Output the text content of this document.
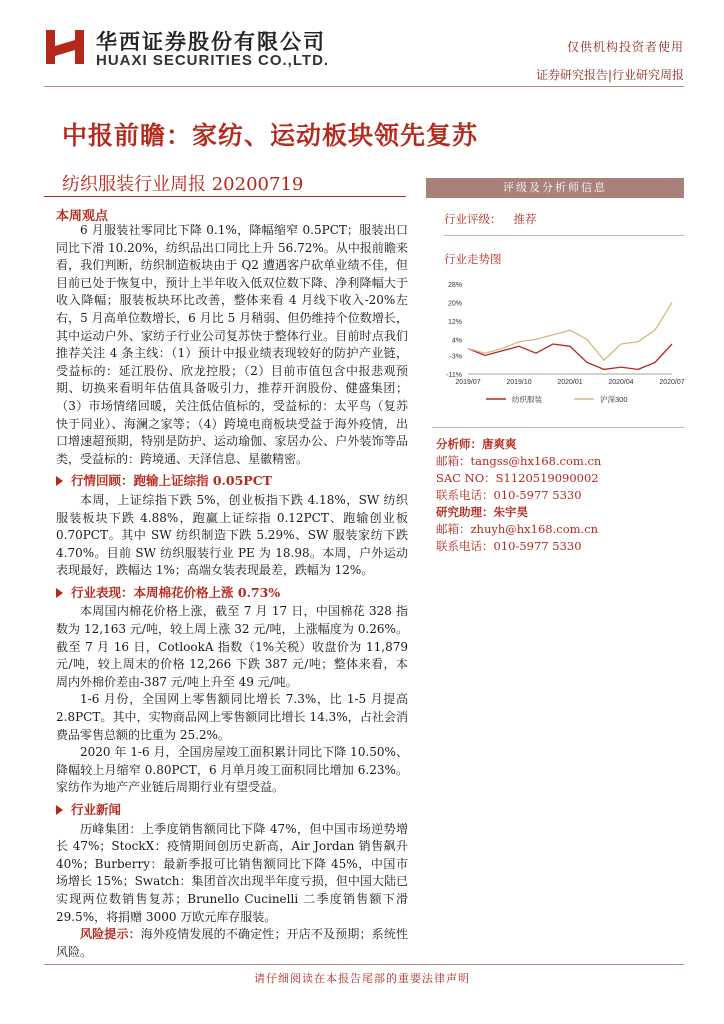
华西证券股份有限公司
HUAXI SECURITIES CO.,LTD.
仅供机构投资者使用
证券研究报告|行业研究周报
中报前瞻：家纺、运动板块领先复苏
纺织服装行业周报 20200719
本周观点

6 月服装社零同比下降 0.1%，降幅缩窄 0.5PCT；服装出口同比下滑 10.20%，纺织品出口同比上升 56.72%。从中报前瞻来看，我们判断，纺织制造板块由于 Q2 遭遇客户砍单业绩不佳，但目前已处于恢复中，预计上半年收入低双位数下降、净利降幅大于收入降幅；服装板块环比改善，整体来看 4 月线下收入-20%左右，5 月高单位数增长，6 月比 5 月稍弱、但仍维持个位数增长，其中运动户外、家纺子行业公司复苏快于整体行业。目前时点我们推荐关注 4 条主线：（1）预计中报业绩表现较好的防护产业链，受益标的：延江股份、欣龙控股；（2）目前市值包含中报悲观预期、切换来看明年估值具备吸引力，推荐开润股份、健盛集团；（3）市场情绪回暖，关注低估值标的，受益标的：太平鸟（复苏快于同业）、海澜之家等；（4）跨境电商板块受益于海外疫情，出口增速超预期，特别是防护、运动瑜伽、家居办公、户外装饰等品类，受益标的：跨境通、天泽信息、星徽精密。

行情回顾：跑输上证综指 0.05PCT

本周，上证综指下跌 5%，创业板指下跌 4.18%，SW 纺织服装板块下跌 4.88%，跑赢上证综指 0.12PCT、跑输创业板 0.70PCT。其中 SW 纺织制造下跌 5.29%、SW 服装家纺下跌 4.70%。目前 SW 纺织服装行业 PE 为 18.98。本周，户外运动表现最好，跌幅达 1%；高端女装表现最差，跌幅为 12%。

行业表现：本周棉花价格上涨 0.73%

本周国内棉花价格上涨，截至 7 月 17 日，中国棉花 328 指数为 12,163 元/吨，较上周上涨 32 元/吨，上涨幅度为 0.26%。截至 7 月 16 日，CotlookA 指数（1%关税）收盘价为 11,879 元/吨，较上周末的价格 12,266 下跌 387 元/吨；整体来看，本周内外棉价差由-387 元/吨上升至 49 元/吨。

1-6 月份，全国网上零售额同比增长 7.3%，比 1-5 月提高 2.8PCT。其中，实物商品网上零售额同比增长 14.3%，占社会消费品零售总额的比重为 25.2%。

2020 年 1-6 月，全国房屋竣工面积累计同比下降 10.50%、降幅较上月缩窄 0.80PCT，6 月单月竣工面积同比增加 6.23%。家纺作为地产产业链后周期行业有望受益。

行业新闻

历峰集团：上季度销售额同比下降 47%，但中国市场逆势增长 47%；StockX：疫情期间创历史新高，Air Jordan 销售飙升 40%；Burberry：最新季报可比销售额同比下降 45%，中国市场增长 15%；Swatch：集团首次出现半年度亏损，但中国大陆已实现两位数销售复苏；Brunello Cucinelli 二季度销售额下滑 29.5%，将捐赠 3000 万欧元库存服装。

风险提示：海外疫情发展的不确定性；开店不及预期；系统性风险。

评级及分析师信息
行业评级： 推荐
行业走势图
28%
20%
12%
4%
-3%
-11%
2019/07	2019/10	2020/01	2020/04	2020/07
纺织服装	沪深300
分析师：唐爽爽
邮箱：tangss@hx168.com.cn
SAC NO：S1120519090002
联系电话：010-5977 5330
研究助理：朱宇昊
邮箱：zhuyh@hx168.com.cn
联系电话：010-5977 5330
请仔细阅读在本报告尾部的重要法律声明
